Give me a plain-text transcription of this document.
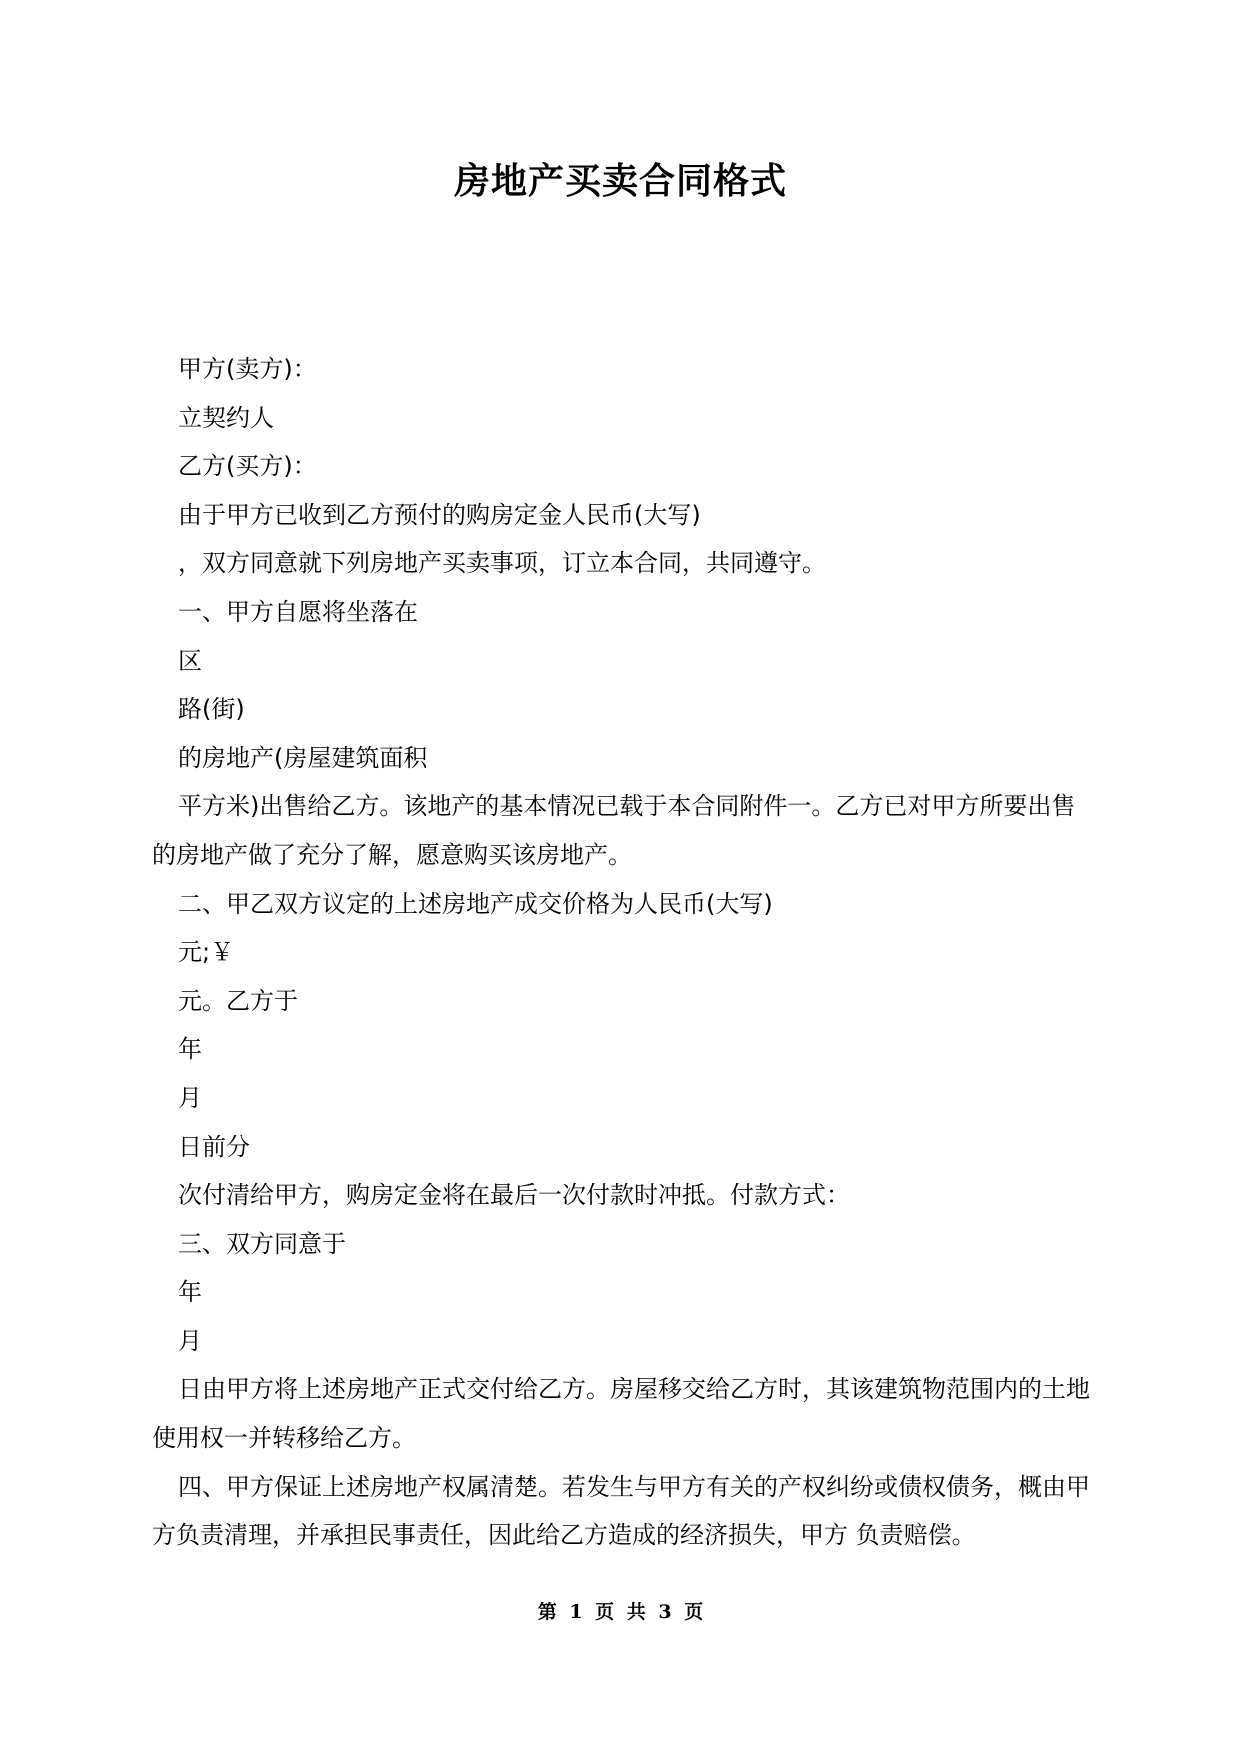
房地产买卖合同格式

甲方(卖方)：

立契约人

乙方(买方)：

由于甲方已收到乙方预付的购房定金人民币(大写)

，双方同意就下列房地产买卖事项，订立本合同，共同遵守。

一、甲方自愿将坐落在

区

路(街)

的房地产(房屋建筑面积

平方米)出售给乙方。该地产的基本情况已载于本合同附件一。乙方已对甲方所要出售的房地产做了充分了解，愿意购买该房地产。

二、甲乙双方议定的上述房地产成交价格为人民币(大写)

元;￥

元。乙方于

年

月

日前分

次付清给甲方，购房定金将在最后一次付款时冲抵。付款方式：

三、双方同意于

年

月

日由甲方将上述房地产正式交付给乙方。房屋移交给乙方时，其该建筑物范围内的土地使用权一并转移给乙方。

四、甲方保证上述房地产权属清楚。若发生与甲方有关的产权纠纷或债权债务，概由甲方负责清理，并承担民事责任，因此给乙方造成的经济损失，甲方 负责赔偿。

第 1 页 共 3 页
